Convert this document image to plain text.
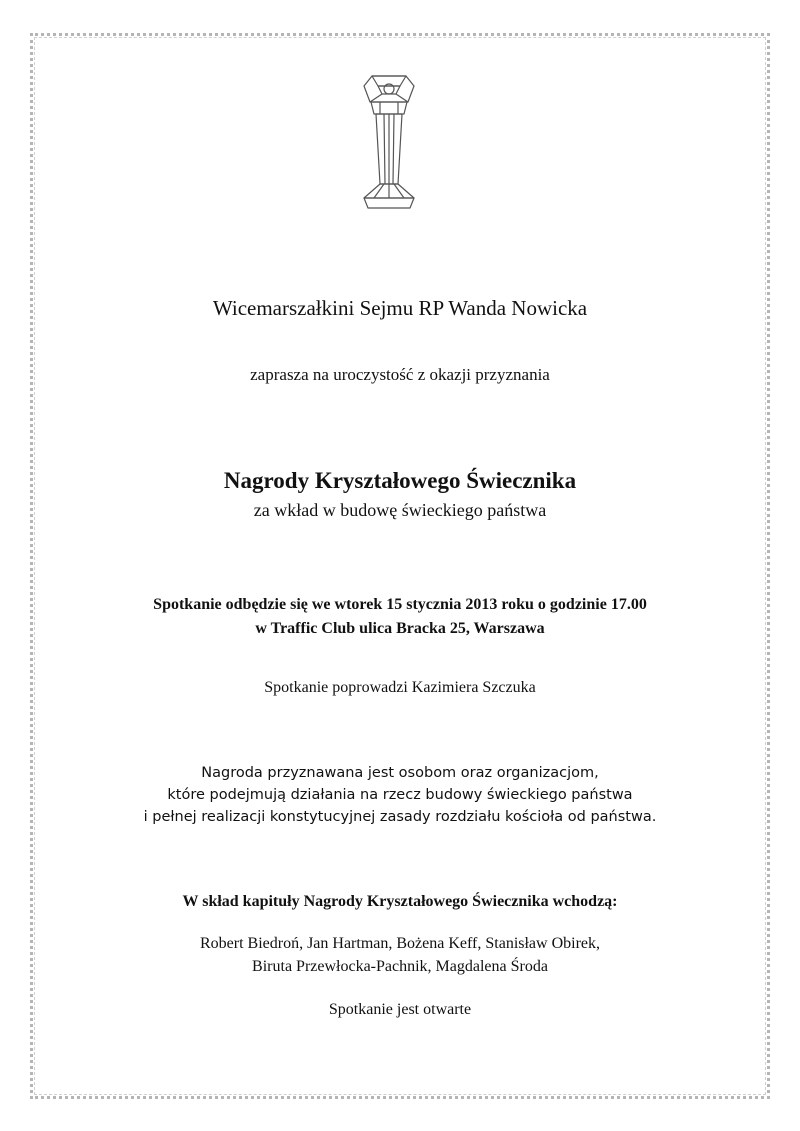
Wicemarszałkini Sejmu RP Wanda Nowicka
zaprasza na uroczystość z okazji przyznania
Nagrody Kryształowego Świecznika
za wkład w budowę świeckiego państwa
Spotkanie odbędzie się we wtorek 15 stycznia 2013 roku o godzinie 17.00
w Traffic Club ulica Bracka 25, Warszawa
Spotkanie poprowadzi Kazimiera Szczuka
Nagroda przyznawana jest osobom oraz organizacjom,
które podejmują działania na rzecz budowy świeckiego państwa
i pełnej realizacji konstytucyjnej zasady rozdziału kościoła od państwa.
W skład kapituły Nagrody Kryształowego Świecznika wchodzą:
Robert Biedroń, Jan Hartman, Bożena Keff, Stanisław Obirek,
Biruta Przewłocka-Pachnik, Magdalena Środa
Spotkanie jest otwarte
